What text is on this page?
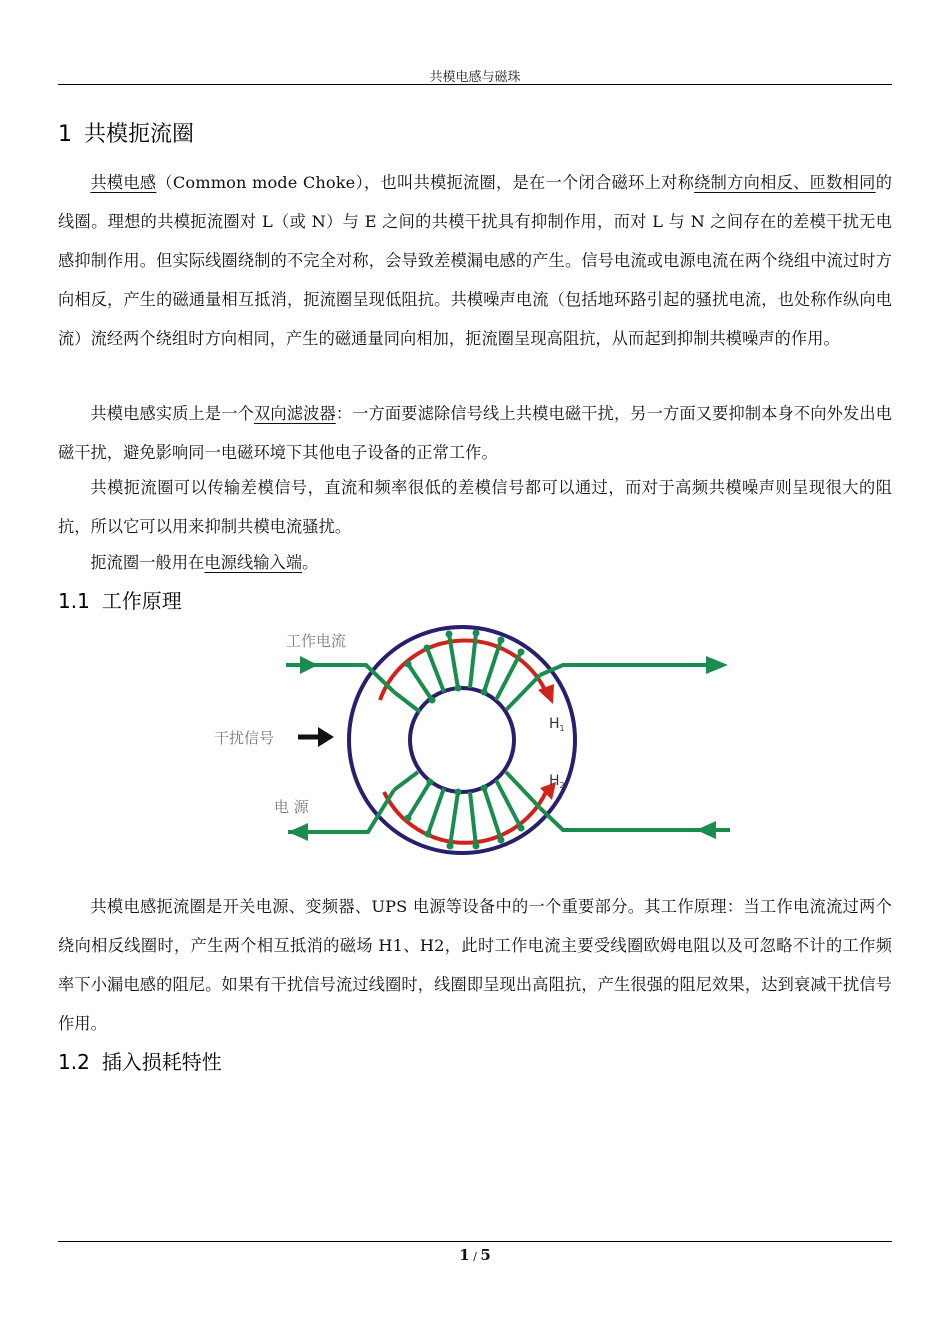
共模电感与磁珠
1 共模扼流圈

共模电感（Common mode Choke），也叫共模扼流圈，是在一个闭合磁环上对称绕制方向相反、匝数相同的线圈。理想的共模扼流圈对 L（或 N）与 E 之间的共模干扰具有抑制作用，而对 L 与 N 之间存在的差模干扰无电感抑制作用。但实际线圈绕制的不完全对称，会导致差模漏电感的产生。信号电流或电源电流在两个绕组中流过时方向相反，产生的磁通量相互抵消，扼流圈呈现低阻抗。共模噪声电流（包括地环路引起的骚扰电流，也处称作纵向电流）流经两个绕组时方向相同，产生的磁通量同向相加，扼流圈呈现高阻抗，从而起到抑制共模噪声的作用。

共模电感实质上是一个双向滤波器：一方面要滤除信号线上共模电磁干扰，另一方面又要抑制本身不向外发出电磁干扰，避免影响同一电磁环境下其他电子设备的正常工作。

共模扼流圈可以传输差模信号，直流和频率很低的差模信号都可以通过，而对于高频共模噪声则呈现很大的阻抗，所以它可以用来抑制共模电流骚扰。

扼流圈一般用在电源线输入端。

1.1 工作原理
工作电流
干扰信号
电 源
$H_1$
$H_2$

共模电感扼流圈是开关电源、变频器、UPS 电源等设备中的一个重要部分。其工作原理：当工作电流流过两个绕向相反线圈时，产生两个相互抵消的磁场 H1、H2，此时工作电流主要受线圈欧姆电阻以及可忽略不计的工作频率下小漏电感的阻尼。如果有干扰信号流过线圈时，线圈即呈现出高阻抗，产生很强的阻尼效果，达到衰减干扰信号作用。

1.2 插入损耗特性
1 / 5
